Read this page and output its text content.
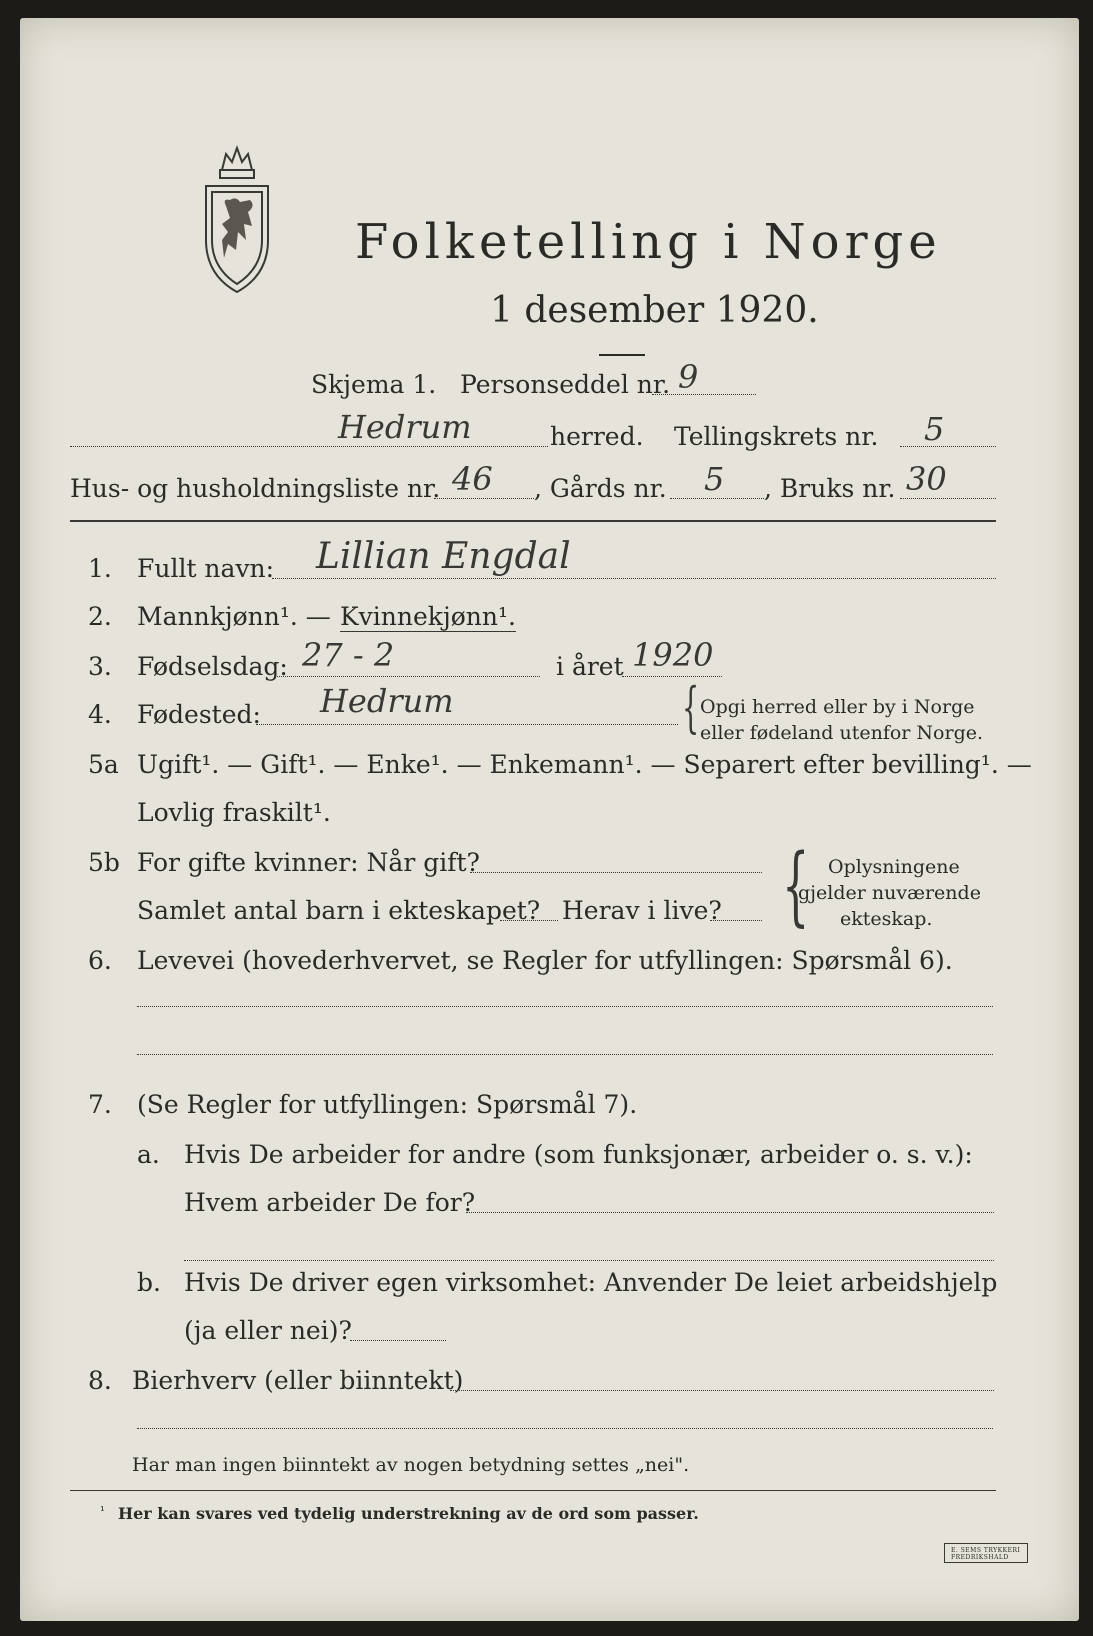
Folketelling i Norge
1 desember 1920.
Skjema 1. Personseddel nr. 9
Hedrum	herred. Tellingskrets nr. 5
Hus- og husholdningsliste nr. 46 , Gårds nr. 5 , Bruks nr. 30
1. Fullt navn: Lillian Engdal
2. Mannkjønn¹. — Kvinnekjønn¹.
3. Fødselsdag: 27 - 2	i året 1920
4. Fødested: Hedrum	{ Opgi herred eller by i Norge
eller fødeland utenfor Norge.
5a Ugift¹. — Gift¹. — Enke¹. — Enkemann¹. — Separert efter bevilling¹. —
Lovlig fraskilt¹.
5b For gifte kvinner: Når gift?
Samlet antal barn i ekteskapet? Herav i live? { Oplysningene
gjelder nuværende
ekteskap.
6. Levevei (hovederhvervet, se Regler for utfyllingen: Spørsmål 6).
7. (Se Regler for utfyllingen: Spørsmål 7).
a. Hvis De arbeider for andre (som funksjonær, arbeider o. s. v.):
Hvem arbeider De for?
b. Hvis De driver egen virksomhet: Anvender De leiet arbeidshjelp
(ja eller nei)?
8. Bierhverv (eller biinntekt)
Har man ingen biinntekt av nogen betydning settes „nei".
¹ Her kan svares ved tydelig understrekning av de ord som passer.
E. SEMS TRYKKERI FREDRIKSHALD
